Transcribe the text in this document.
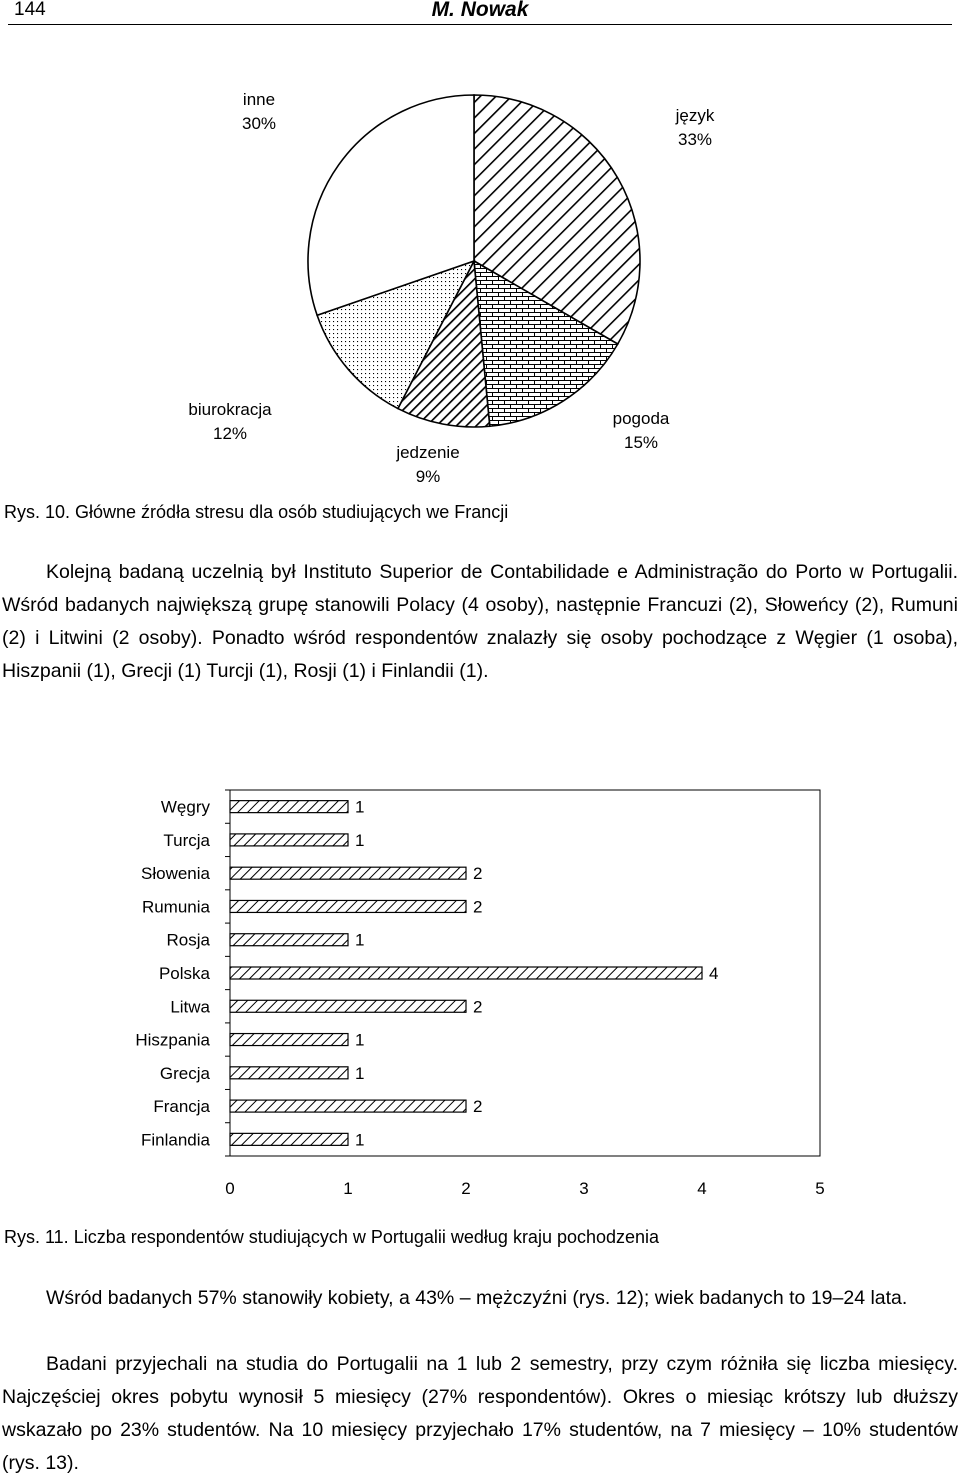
144	M. Nowak
inne
30%	język
33%
biurokracja
12%
pogoda
15%
jedzenie
9%
Rys. 10. Główne źródła stresu dla osób studiujących we Francji
Kolejną badaną uczelnią był Instituto Superior de Contabilidade e Administração do Porto w Portugalii. Wśród badanych największą grupę stanowili Polacy (4 osoby), następnie Francuzi (2), Słoweńcy (2), Rumuni (2) i Litwini (2 osoby). Ponadto wśród respondentów znalazły się osoby pochodzące z Węgier (1 osoba), Hiszpanii (1), Grecji (1) Turcji (1), Rosji (1) i Finlandii (1).
Węgry
Turcja
Słowenia
Rumunia
Rosja
Polska
Litwa
Hiszpania
Grecja
Francja
Finlandia
1
1
2
2
1
4
2
1
1
2
1
0	1	2	3	4	5
Rys. 11. Liczba respondentów studiujących w Portugalii według kraju pochodzenia
Wśród badanych 57% stanowiły kobiety, a 43% – mężczyźni (rys. 12); wiek badanych to 19–24 lata.
Badani przyjechali na studia do Portugalii na 1 lub 2 semestry, przy czym różniła się liczba miesięcy. Najczęściej okres pobytu wynosił 5 miesięcy (27% respondentów). Okres o miesiąc krótszy lub dłuższy wskazało po 23% studentów. Na 10 miesięcy przyjechało 17% studentów, na 7 miesięcy – 10% studentów (rys. 13).
